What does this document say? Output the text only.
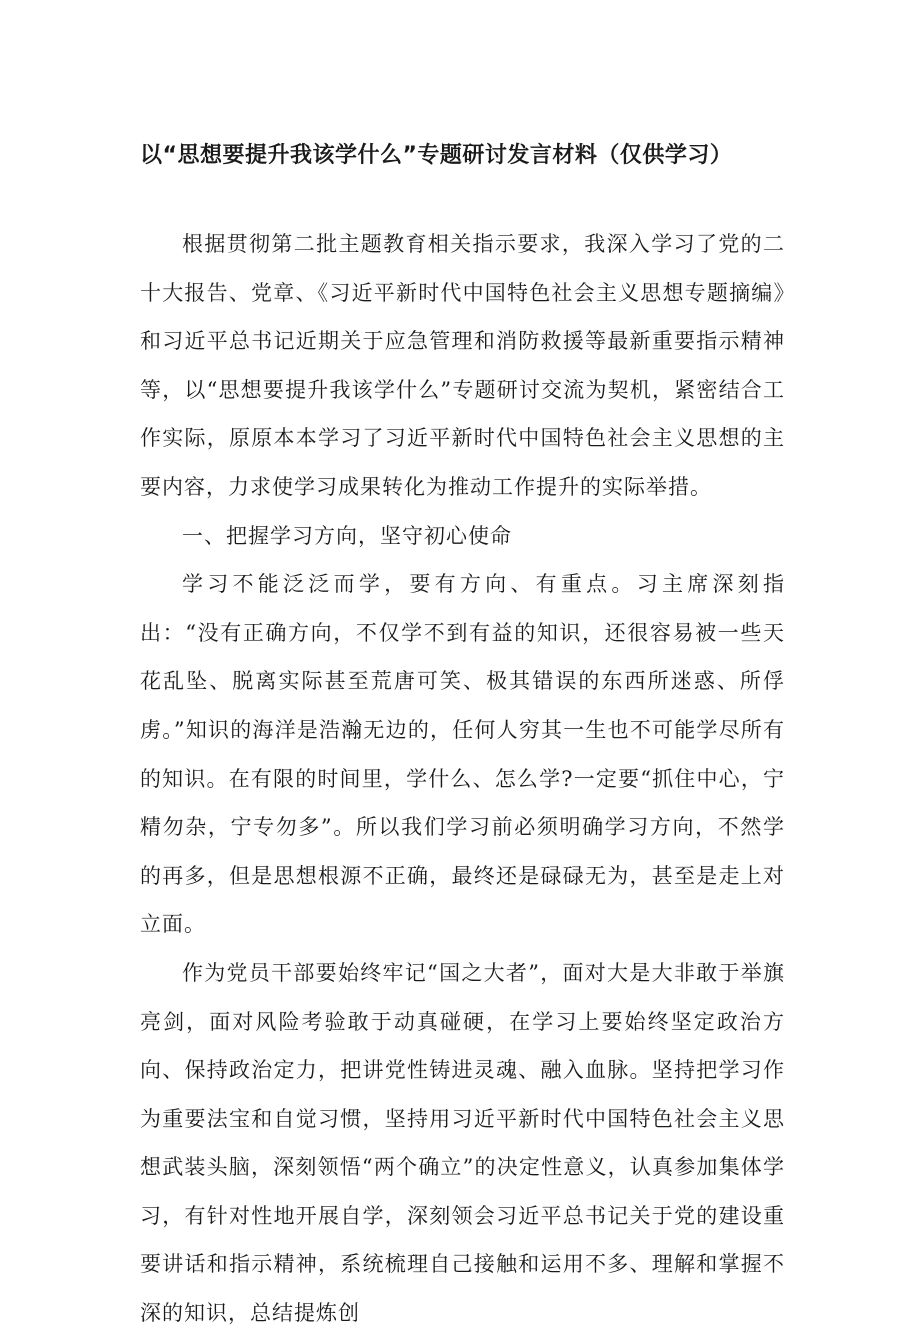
以“思想要提升我该学什么”专题研讨发言材料（仅供学习）

根据贯彻第二批主题教育相关指示要求，我深入学习了党的二十大报告、党章、《习近平新时代中国特色社会主义思想专题摘编》和习近平总书记近期关于应急管理和消防救援等最新重要指示精神等，以“思想要提升我该学什么”专题研讨交流为契机，紧密结合工作实际，原原本本学习了习近平新时代中国特色社会主义思想的主要内容，力求使学习成果转化为推动工作提升的实际举措。

一、把握学习方向，坚守初心使命

学习不能泛泛而学，要有方向、有重点。习主席深刻指出：“没有正确方向，不仅学不到有益的知识，还很容易被一些天花乱坠、脱离实际甚至荒唐可笑、极其错误的东西所迷惑、所俘虏。”知识的海洋是浩瀚无边的，任何人穷其一生也不可能学尽所有的知识。在有限的时间里，学什么、怎么学?一定要“抓住中心，宁精勿杂，宁专勿多”。所以我们学习前必须明确学习方向，不然学的再多，但是思想根源不正确，最终还是碌碌无为，甚至是走上对立面。

作为党员干部要始终牢记“国之大者”，面对大是大非敢于举旗亮剑，面对风险考验敢于动真碰硬，在学习上要始终坚定政治方向、保持政治定力，把讲党性铸进灵魂、融入血脉。坚持把学习作为重要法宝和自觉习惯，坚持用习近平新时代中国特色社会主义思想武装头脑，深刻领悟“两个确立”的决定性意义，认真参加集体学习，有针对性地开展自学，深刻领会习近平总书记关于党的建设重要讲话和指示精神，系统梳理自己接触和运用不多、理解和掌握不深的知识，总结提炼创
